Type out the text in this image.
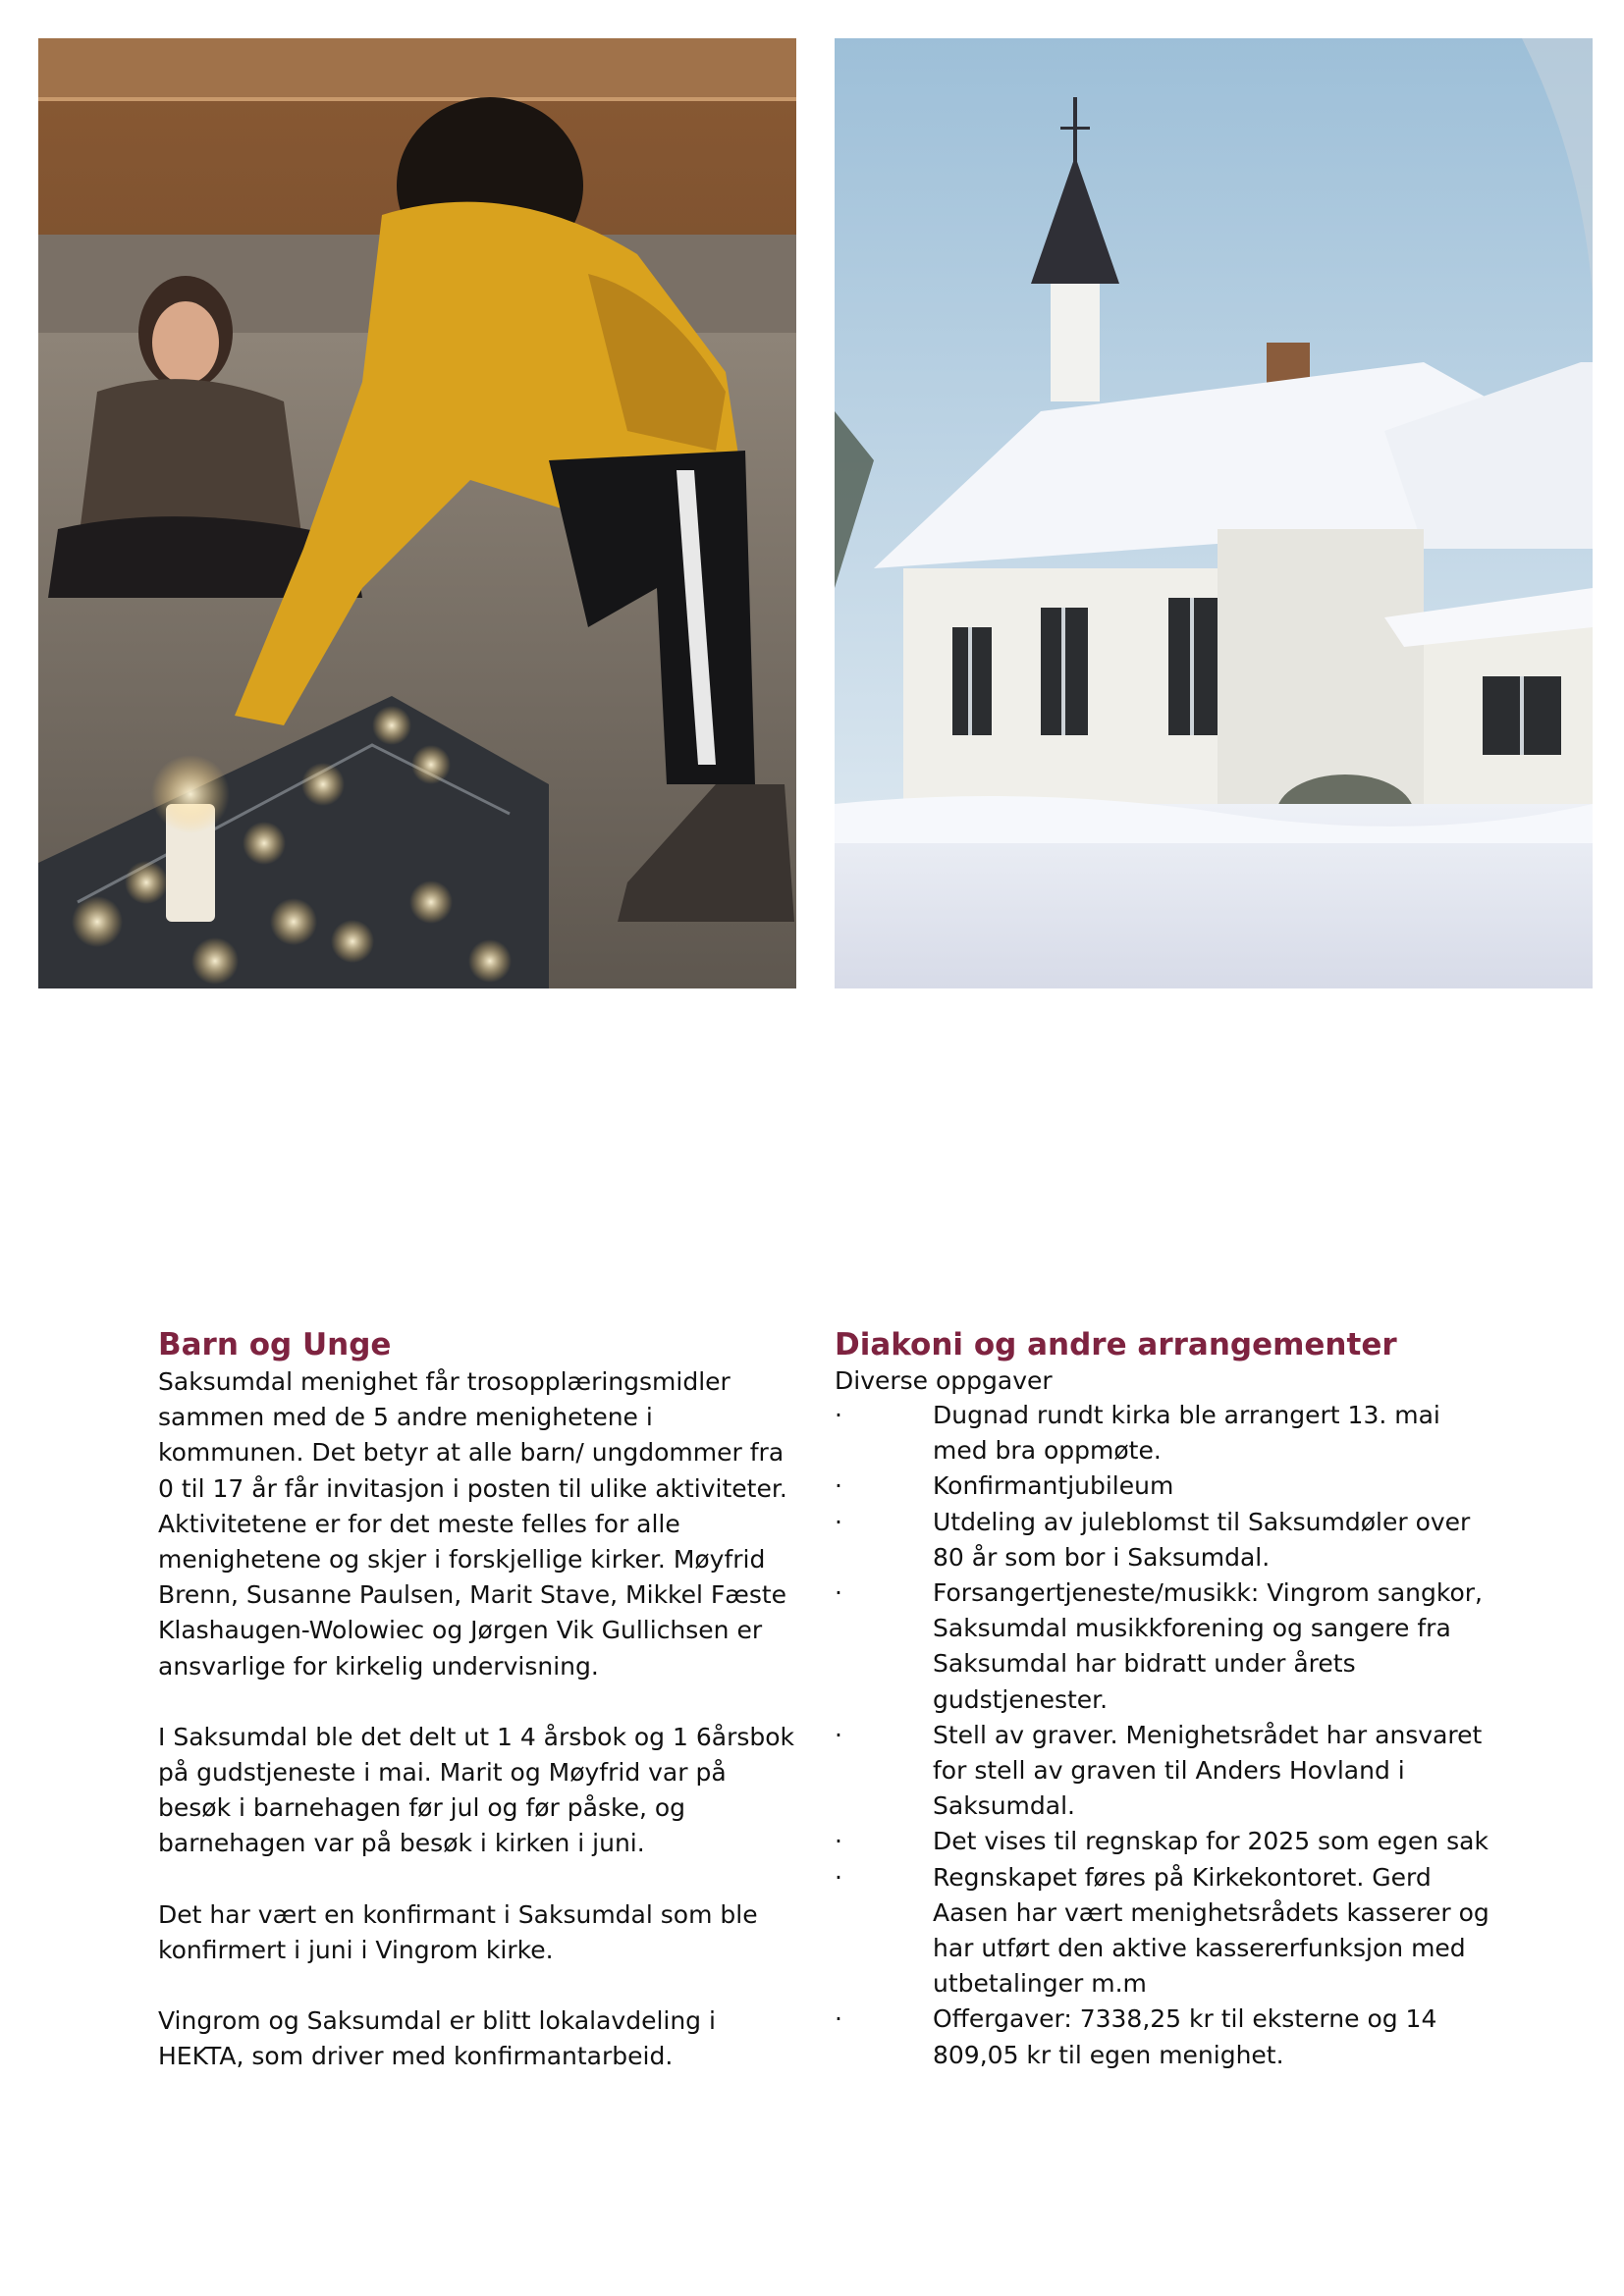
Barn og Unge

Saksumdal menighet får trosopplæringsmidler sammen med de 5 andre menighetene i kommunen. Det betyr at alle barn/ ungdommer fra 0 til 17 år får invitasjon i posten til ulike aktiviteter. Aktivitetene er for det meste felles for alle menighetene og skjer i forskjellige kirker. Møyfrid Brenn, Susanne Paulsen, Marit Stave, Mikkel Fæste Klashaugen-Wolowiec og Jørgen Vik Gullichsen er ansvarlige for kirkelig undervisning.

I Saksumdal ble det delt ut 1 4 årsbok og 1 6årsbok på gudstjeneste i mai. Marit og Møyfrid var på besøk i barnehagen før jul og før påske, og barnehagen var på besøk i kirken i juni.

Det har vært en konfirmant i Saksumdal som ble konfirmert i juni i Vingrom kirke.

Vingrom og Saksumdal er blitt lokalavdeling i HEKTA, som driver med konfirmantarbeid.

Diakoni og andre arrangementer

Diverse oppgaver

·	Dugnad rundt kirka ble arrangert 13. mai med bra oppmøte.

·	Konfirmantjubileum

·	Utdeling av juleblomst til Saksumdøler over 80 år som bor i Saksumdal.

·	Forsangertjeneste/musikk: Vingrom sangkor, Saksumdal musikkforening og sangere fra Saksumdal har bidratt under årets gudstjenester.

·	Stell av graver. Menighetsrådet har ansvaret for stell av graven til Anders Hovland i Saksumdal.

·	Det vises til regnskap for 2025 som egen sak

·	Regnskapet føres på Kirkekontoret. Gerd Aasen har vært menighetsrådets kasserer og har utført den aktive kassererfunksjon med utbetalinger m.m

·	Offergaver: 7338,25 kr til eksterne og 14 809,05 kr til egen menighet.
